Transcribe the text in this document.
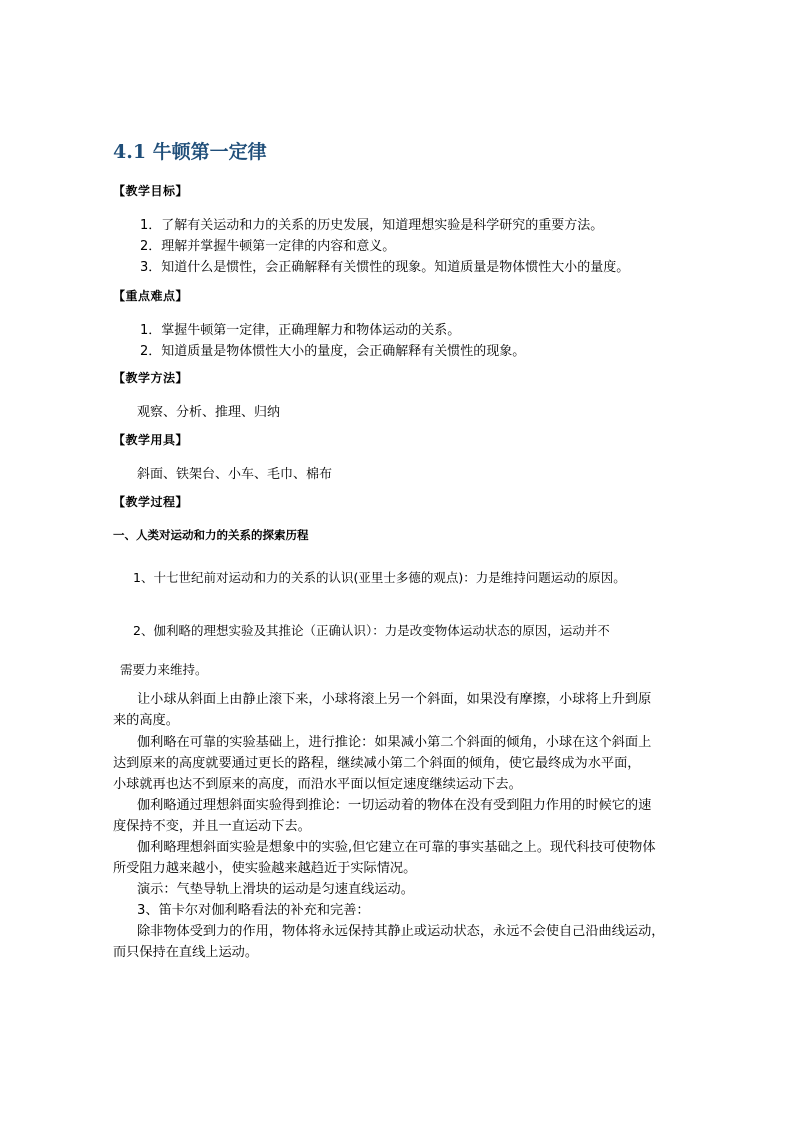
4.1 牛顿第一定律
【教学目标】
1．了解有关运动和力的关系的历史发展，知道理想实验是科学研究的重要方法。
2．理解并掌握牛顿第一定律的内容和意义。
3．知道什么是惯性，会正确解释有关惯性的现象。知道质量是物体惯性大小的量度。
【重点难点】
1．掌握牛顿第一定律，正确理解力和物体运动的关系。
2．知道质量是物体惯性大小的量度，会正确解释有关惯性的现象。
【教学方法】
观察、分析、推理、归纳
【教学用具】
斜面、铁架台、小车、毛巾、棉布
【教学过程】
一、人类对运动和力的关系的探索历程
1、十七世纪前对运动和力的关系的认识(亚里士多德的观点)：力是维持问题运动的原因。
2、伽利略的理想实验及其推论（正确认识）：力是改变物体运动状态的原因，运动并不
需要力来维持。
让小球从斜面上由静止滚下来，小球将滚上另一个斜面，如果没有摩擦，小球将上升到原
来的高度。
伽利略在可靠的实验基础上，进行推论：如果减小第二个斜面的倾角，小球在这个斜面上
达到原来的高度就要通过更长的路程，继续减小第二个斜面的倾角，使它最终成为水平面，
小球就再也达不到原来的高度，而沿水平面以恒定速度继续运动下去。
伽利略通过理想斜面实验得到推论：一切运动着的物体在没有受到阻力作用的时候它的速
度保持不变，并且一直运动下去。
伽利略理想斜面实验是想象中的实验,但它建立在可靠的事实基础之上。现代科技可使物体
所受阻力越来越小，使实验越来越趋近于实际情况。
演示：气垫导轨上滑块的运动是匀速直线运动。
3、笛卡尔对伽利略看法的补充和完善：
除非物体受到力的作用，物体将永远保持其静止或运动状态，永远不会使自己沿曲线运动，
而只保持在直线上运动。
